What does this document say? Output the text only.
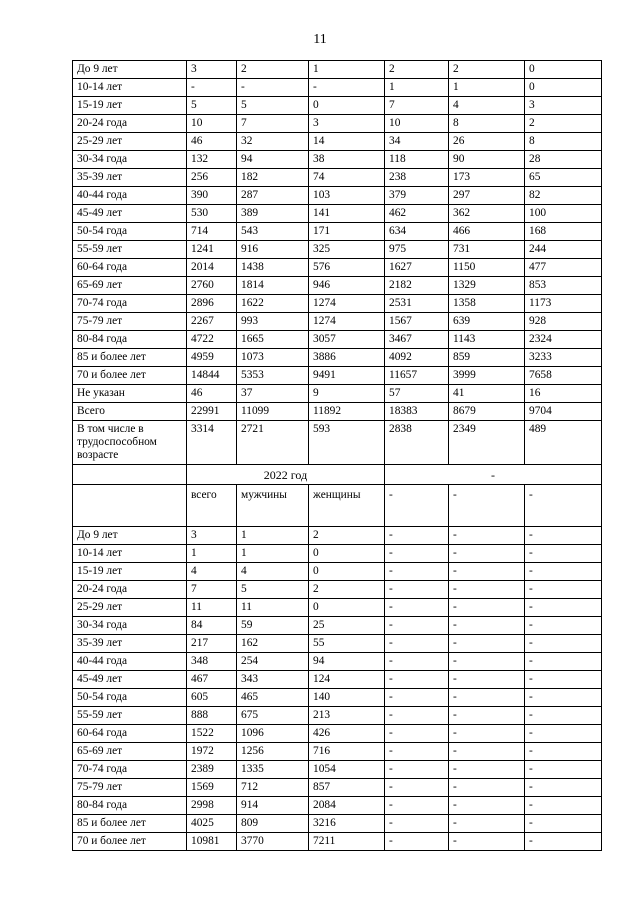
11
До 9 лет	3	2	1	2	2	0
10-14 лет	-	-	-	1	1	0
15-19 лет	5	5	0	7	4	3
20-24 года	10	7	3	10	8	2
25-29 лет	46	32	14	34	26	8
30-34 года	132	94	38	118	90	28
35-39 лет	256	182	74	238	173	65
40-44 года	390	287	103	379	297	82
45-49 лет	530	389	141	462	362	100
50-54 года	714	543	171	634	466	168
55-59 лет	1241	916	325	975	731	244
60-64 года	2014	1438	576	1627	1150	477
65-69 лет	2760	1814	946	2182	1329	853
70-74 года	2896	1622	1274	2531	1358	1173
75-79 лет	2267	993	1274	1567	639	928
80-84 года	4722	1665	3057	3467	1143	2324
85 и более лет	4959	1073	3886	4092	859	3233
70 и более лет	14844	5353	9491	11657	3999	7658
Не указан	46	37	9	57	41	16
Всего	22991	11099	11892	18383	8679	9704
В том числе в трудоспособном возрасте	3314	2721	593	2838	2349	489
	2022 год			-		
	всего	мужчины	женщины	-	-	-
До 9 лет	3	1	2	-	-	-
10-14 лет	1	1	0	-	-	-
15-19 лет	4	4	0	-	-	-
20-24 года	7	5	2	-	-	-
25-29 лет	11	11	0	-	-	-
30-34 года	84	59	25	-	-	-
35-39 лет	217	162	55	-	-	-
40-44 года	348	254	94	-	-	-
45-49 лет	467	343	124	-	-	-
50-54 года	605	465	140	-	-	-
55-59 лет	888	675	213	-	-	-
60-64 года	1522	1096	426	-	-	-
65-69 лет	1972	1256	716	-	-	-
70-74 года	2389	1335	1054	-	-	-
75-79 лет	1569	712	857	-	-	-
80-84 года	2998	914	2084	-	-	-
85 и более лет	4025	809	3216	-	-	-
70 и более лет	10981	3770	7211	-	-	-
